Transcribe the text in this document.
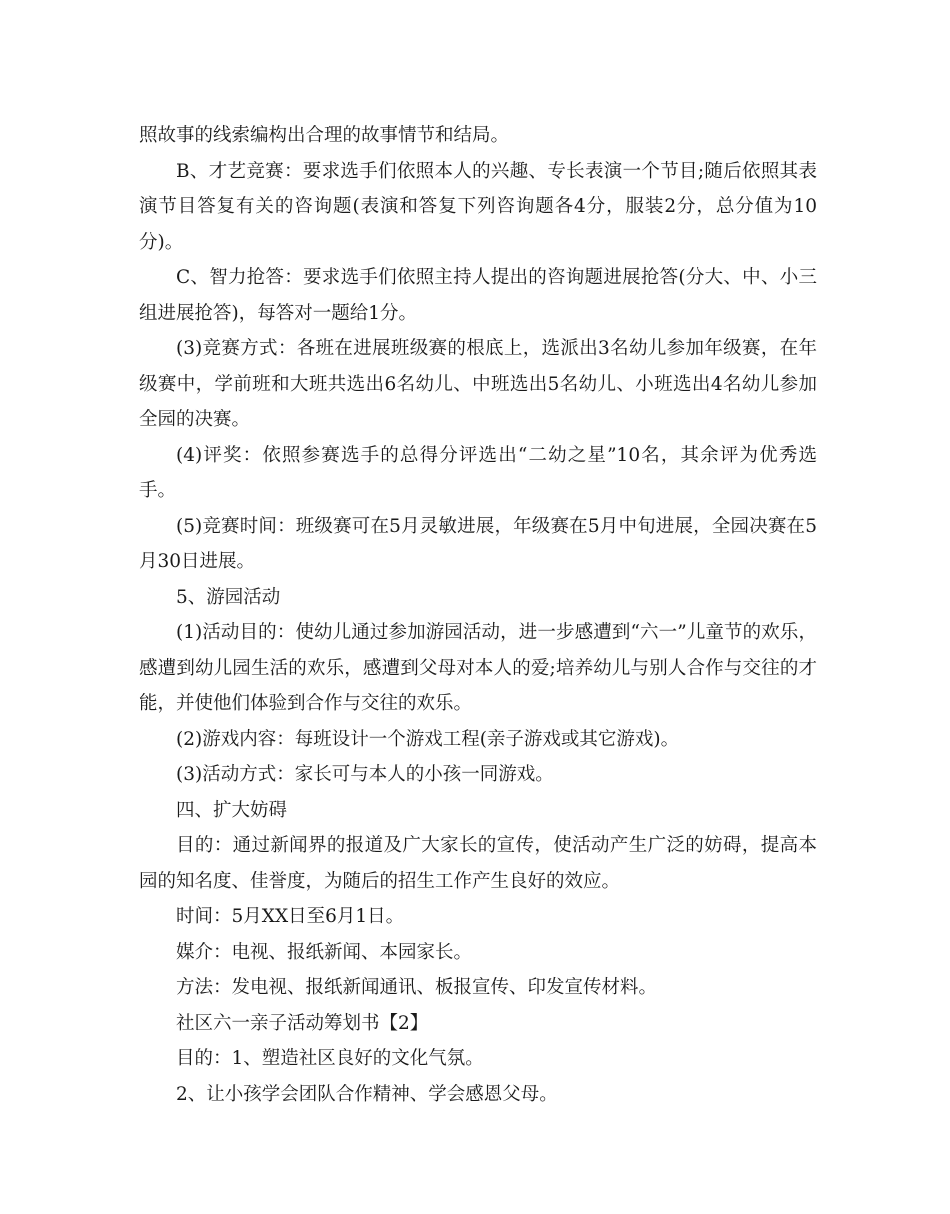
照故事的线索编构出合理的故事情节和结局。

B、才艺竞赛：要求选手们依照本人的兴趣、专长表演一个节目;随后依照其表演节目答复有关的咨询题(表演和答复下列咨询题各4分，服装2分，总分值为10分)。

C、智力抢答：要求选手们依照主持人提出的咨询题进展抢答(分大、中、小三组进展抢答)，每答对一题给1分。

(3)竞赛方式：各班在进展班级赛的根底上，选派出3名幼儿参加年级赛，在年级赛中，学前班和大班共选出6名幼儿、中班选出5名幼儿、小班选出4名幼儿参加全园的决赛。

(4)评奖：依照参赛选手的总得分评选出“二幼之星”10名，其余评为优秀选手。

(5)竞赛时间：班级赛可在5月灵敏进展，年级赛在5月中旬进展，全园决赛在5月30日进展。

5、游园活动

(1)活动目的：使幼儿通过参加游园活动，进一步感遭到“六一”儿童节的欢乐，感遭到幼儿园生活的欢乐，感遭到父母对本人的爱;培养幼儿与别人合作与交往的才能，并使他们体验到合作与交往的欢乐。

(2)游戏内容：每班设计一个游戏工程(亲子游戏或其它游戏)。

(3)活动方式：家长可与本人的小孩一同游戏。

四、扩大妨碍

目的：通过新闻界的报道及广大家长的宣传，使活动产生广泛的妨碍，提高本园的知名度、佳誉度，为随后的招生工作产生良好的效应。

时间：5月XX日至6月1日。

媒介：电视、报纸新闻、本园家长。

方法：发电视、报纸新闻通讯、板报宣传、印发宣传材料。

社区六一亲子活动筹划书【2】

目的：1、塑造社区良好的文化气氛。

2、让小孩学会团队合作精神、学会感恩父母。
